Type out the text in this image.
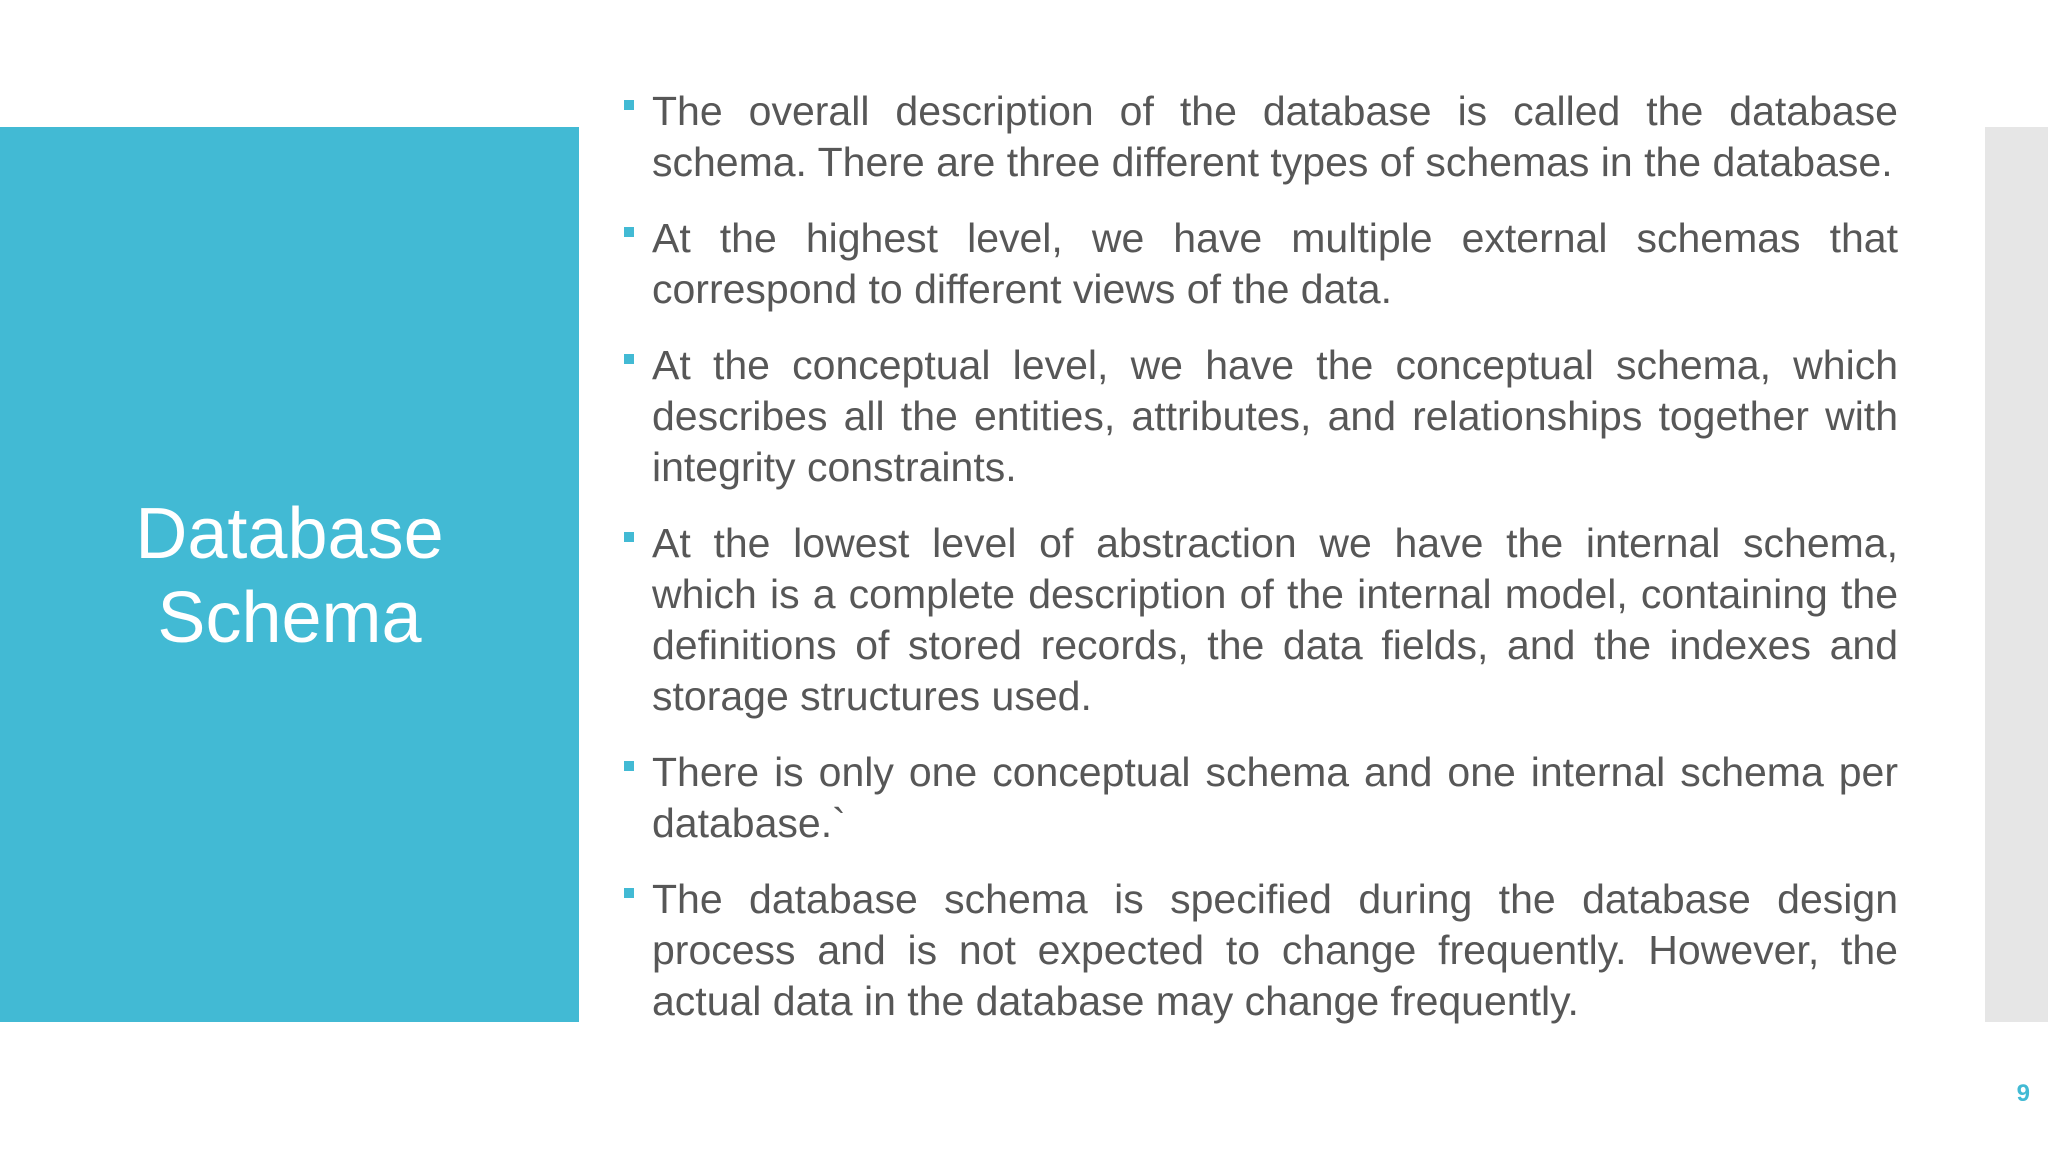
Database
Schema
The overall description of the database is called the database schema. There are three different types of schemas in the database.
At the highest level, we have multiple external schemas that correspond to different views of the data.
At the conceptual level, we have the conceptual schema, which describes all the entities, attributes, and relationships together with integrity constraints.
At the lowest level of abstraction we have the internal schema, which is a complete description of the internal model, containing the definitions of stored records, the data fields, and the indexes and storage structures used.
There is only one conceptual schema and one internal schema per database.`
The database schema is specified during the database design process and is not expected to change frequently. However, the actual data in the database may change frequently.
9
